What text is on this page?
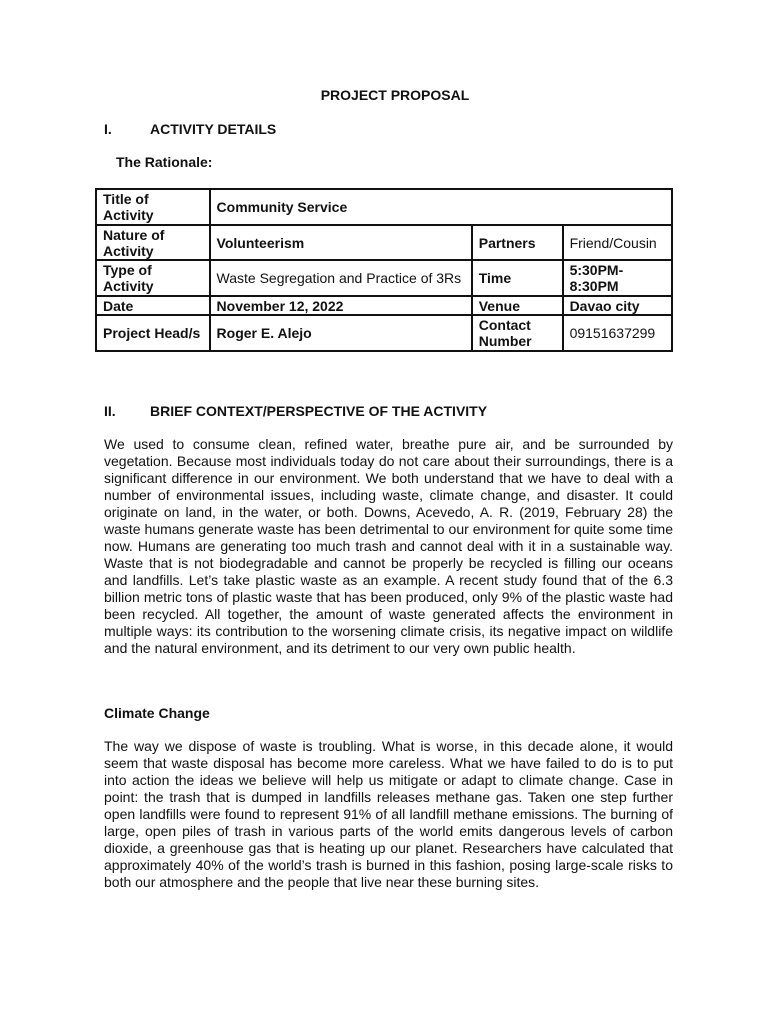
PROJECT PROPOSAL
I.	ACTIVITY DETAILS
The Rationale:
Title of Activity	Community Service		
Nature of Activity	Volunteerism	Partners	Friend/Cousin
Type of Activity	Waste Segregation and Practice of 3Rs	Time	5:30PM-8:30PM
Date	November 12, 2022	Venue	Davao city
Project Head/s	Roger E. Alejo	Contact Number	09151637299
II. BRIEF CONTEXT/PERSPECTIVE OF THE ACTIVITY

We used to consume clean, refined water, breathe pure air, and be surrounded by vegetation. Because most individuals today do not care about their surroundings, there is a significant difference in our environment. We both understand that we have to deal with a number of environmental issues, including waste, climate change, and disaster. It could originate on land, in the water, or both. Downs, Acevedo, A. R. (2019, February 28) the waste humans generate waste has been detrimental to our environment for quite some time now. Humans are generating too much trash and cannot deal with it in a sustainable way. Waste that is not biodegradable and cannot be properly be recycled is filling our oceans and landfills. Let’s take plastic waste as an example. A recent study found that of the 6.3 billion metric tons of plastic waste that has been produced, only 9% of the plastic waste had been recycled. All together, the amount of waste generated affects the environment in multiple ways: its contribution to the worsening climate crisis, its negative impact on wildlife and the natural environment, and its detriment to our very own public health.

Climate Change

The way we dispose of waste is troubling. What is worse, in this decade alone, it would seem that waste disposal has become more careless. What we have failed to do is to put into action the ideas we believe will help us mitigate or adapt to climate change. Case in point: the trash that is dumped in landfills releases methane gas. Taken one step further open landfills were found to represent 91% of all landfill methane emissions. The burning of large, open piles of trash in various parts of the world emits dangerous levels of carbon dioxide, a greenhouse gas that is heating up our planet. Researchers have calculated that approximately 40% of the world’s trash is burned in this fashion, posing large-scale risks to both our atmosphere and the people that live near these burning sites.
